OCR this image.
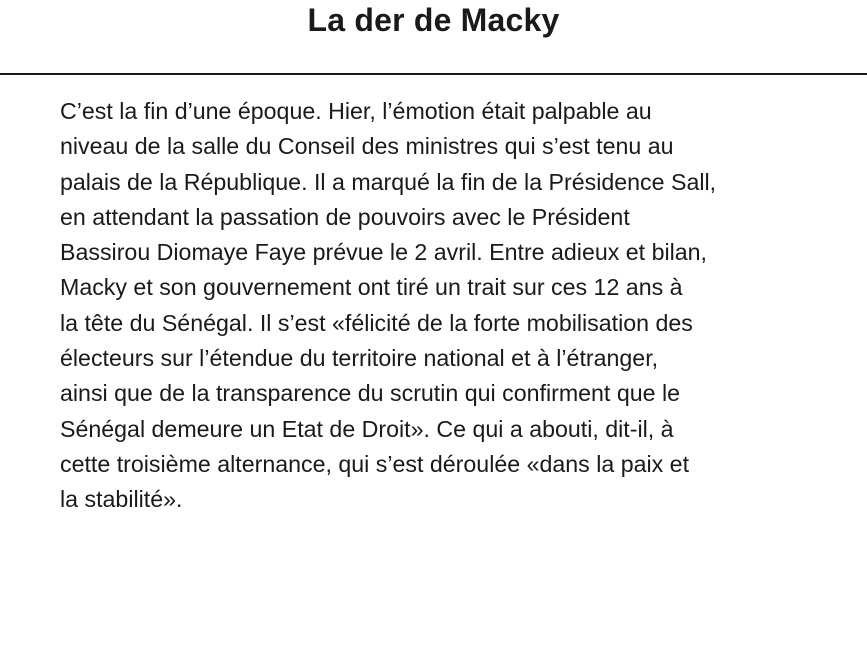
La der de Macky
C’est la fin d’une époque. Hier, l’émotion était palpable au
niveau de la salle du Conseil des ministres qui s’est tenu au
palais de la République. Il a marqué la fin de la Présidence Sall,
en attendant la passation de pouvoirs avec le Président
Bassirou Diomaye Faye prévue le 2 avril. Entre adieux et bilan,
Macky et son gouvernement ont tiré un trait sur ces 12 ans à
la tête du Sénégal. Il s’est «félicité de la forte mobilisation des
électeurs sur l’étendue du territoire national et à l’étranger,
ainsi que de la transparence du scrutin qui confirment que le
Sénégal demeure un Etat de Droit». Ce qui a abouti, dit-il, à
cette troisième alternance, qui s’est déroulée «dans la paix et
la stabilité».
